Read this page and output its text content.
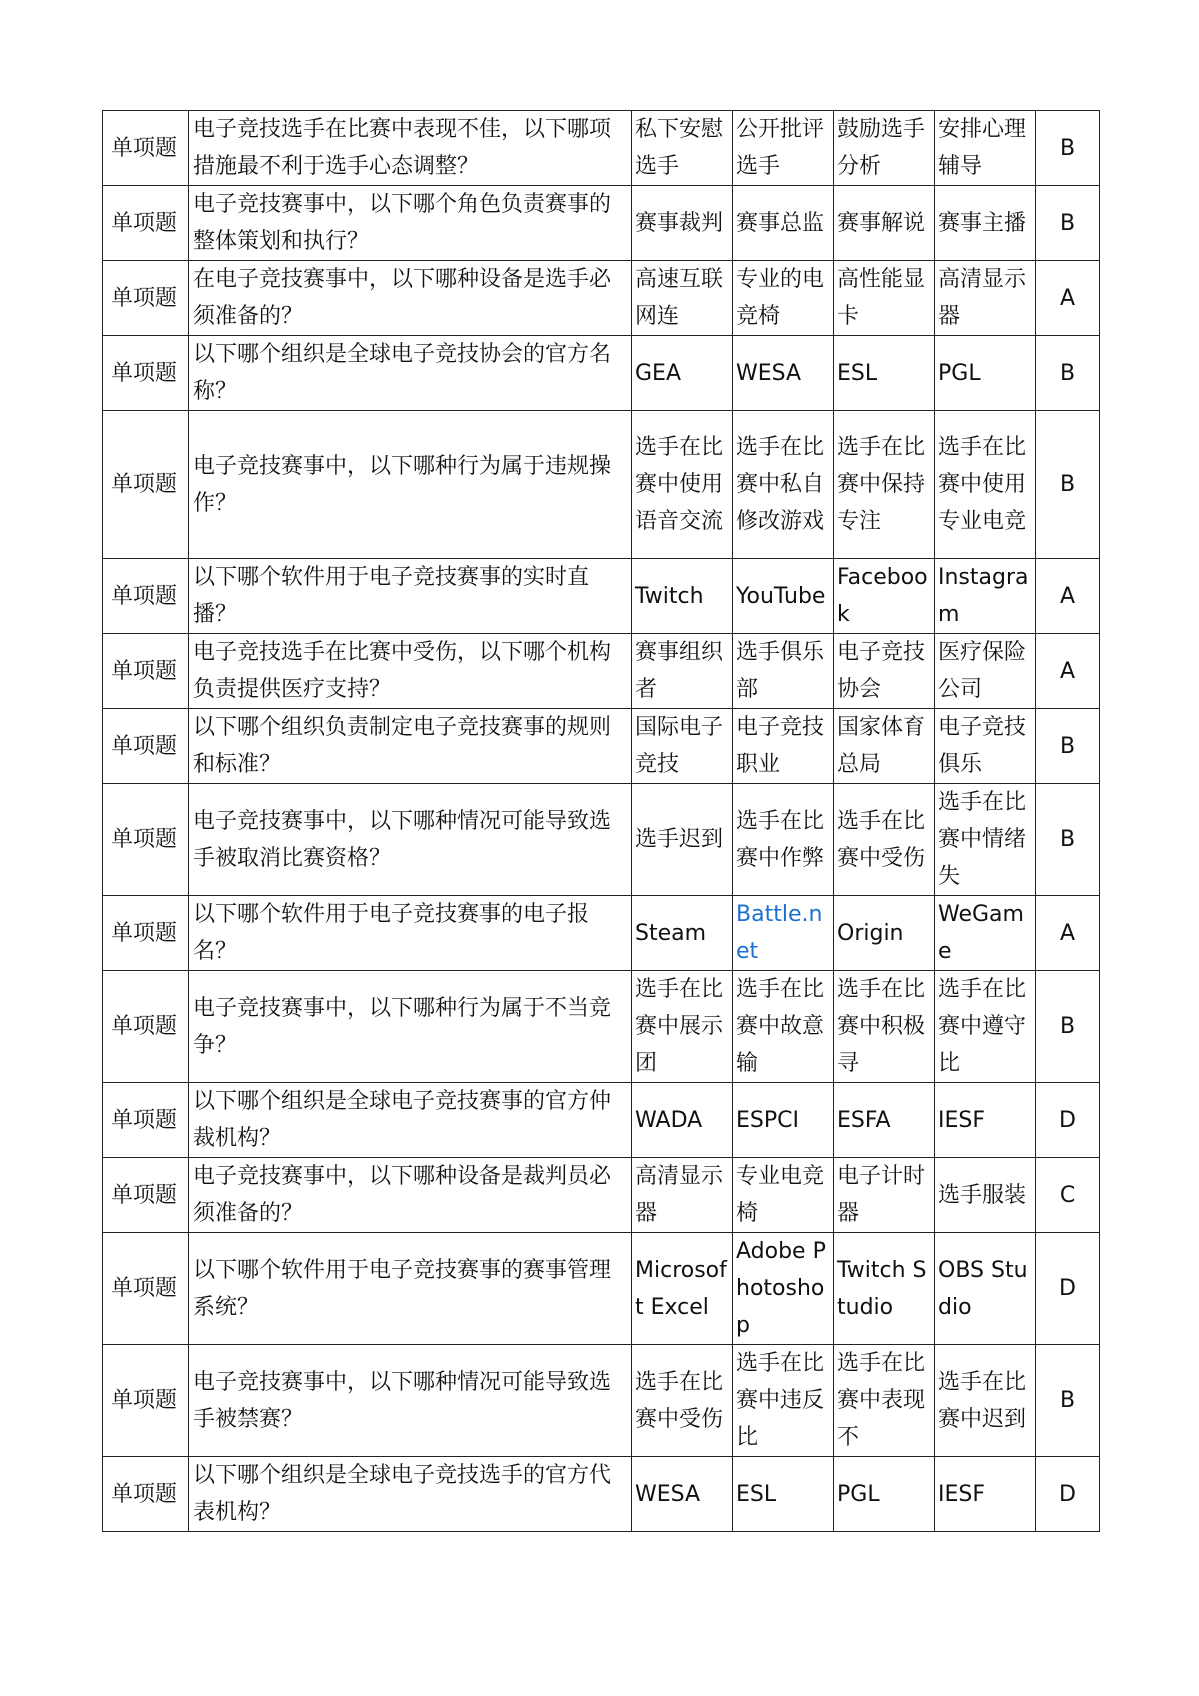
单项题	电子竞技选手在比赛中表现不佳，以下哪项措施最不利于选手心态调整？	私下安慰选手	公开批评选手	鼓励选手分析	安排心理辅导	B
单项题	电子竞技赛事中，以下哪个角色负责赛事的整体策划和执行？	赛事裁判	赛事总监	赛事解说	赛事主播	B
单项题	在电子竞技赛事中，以下哪种设备是选手必须准备的？	高速互联网连	专业的电竞椅	高性能显卡	高清显示器	A
单项题	以下哪个组织是全球电子竞技协会的官方名称？	GEA	WESA	ESL	PGL	B
单项题	电子竞技赛事中，以下哪种行为属于违规操作？	选手在比赛中使用语音交流	选手在比赛中私自修改游戏	选手在比赛中保持专注	选手在比赛中使用专业电竞	B
单项题	以下哪个软件用于电子竞技赛事的实时直播？	Twitch	YouTube	Facebook	Instagram	A
单项题	电子竞技选手在比赛中受伤，以下哪个机构负责提供医疗支持？	赛事组织者	选手俱乐部	电子竞技协会	医疗保险公司	A
单项题	以下哪个组织负责制定电子竞技赛事的规则和标准？	国际电子竞技	电子竞技职业	国家体育总局	电子竞技俱乐	B
单项题	电子竞技赛事中，以下哪种情况可能导致选手被取消比赛资格？	选手迟到	选手在比赛中作弊	选手在比赛中受伤	选手在比赛中情绪失	B
单项题	以下哪个软件用于电子竞技赛事的电子报名？	Steam	Battle.net	Origin	WeGame	A
单项题	电子竞技赛事中，以下哪种行为属于不当竞争？	选手在比赛中展示团	选手在比赛中故意输	选手在比赛中积极寻	选手在比赛中遵守比	B
单项题	以下哪个组织是全球电子竞技赛事的官方仲裁机构？	WADA	ESPCI	ESFA	IESF	D
单项题	电子竞技赛事中，以下哪种设备是裁判员必须准备的？	高清显示器	专业电竞椅	电子计时器	选手服装	C
单项题	以下哪个软件用于电子竞技赛事的赛事管理系统？	Microsoft Excel	Adobe Photoshop	Twitch Studio	OBS Studio	D
单项题	电子竞技赛事中，以下哪种情况可能导致选手被禁赛？	选手在比赛中受伤	选手在比赛中违反比	选手在比赛中表现不	选手在比赛中迟到	B
单项题	以下哪个组织是全球电子竞技选手的官方代表机构？	WESA	ESL	PGL	IESF	D
